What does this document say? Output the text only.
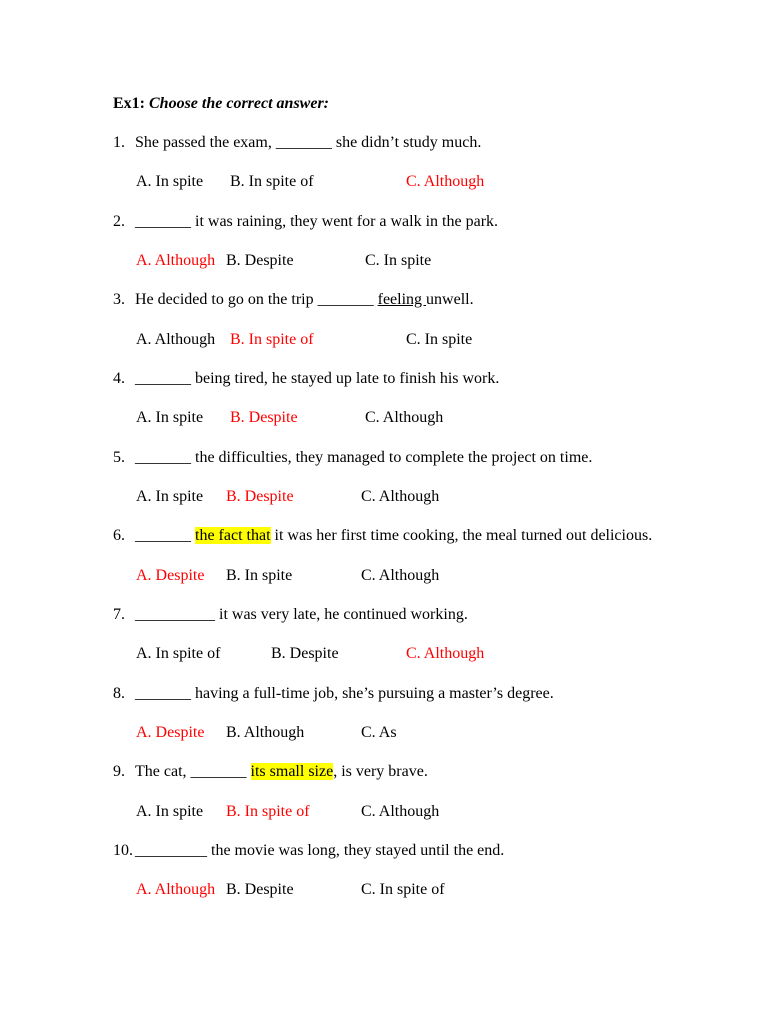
Ex1: Choose the correct answer:
1. She passed the exam, _______ she didn’t study much.
A. In spite B. In spite of	C. Although
2. _______ it was raining, they went for a walk in the park.
A. Although B. Despite	C. In spite
3. He decided to go on the trip _______ feeling unwell.
A. Although B. In spite of	C. In spite
4. _______ being tired, he stayed up late to finish his work.
A. In spite B. Despite	C. Although
5. _______ the difficulties, they managed to complete the project on time.
A. In spite B. Despite	C. Although
6. _______ the fact that it was her first time cooking, the meal turned out delicious.
A. Despite B. In spite	C. Although
7. __________ it was very late, he continued working.
A. In spite of	B. Despite	C. Although
8. _______ having a full-time job, she’s pursuing a master’s degree.
A. Despite B. Although	C. As
9. The cat, _______ its small size, is very brave.
A. In spite B. In spite of	C. Although
10. _________ the movie was long, they stayed until the end.
A. Although B. Despite	C. In spite of
